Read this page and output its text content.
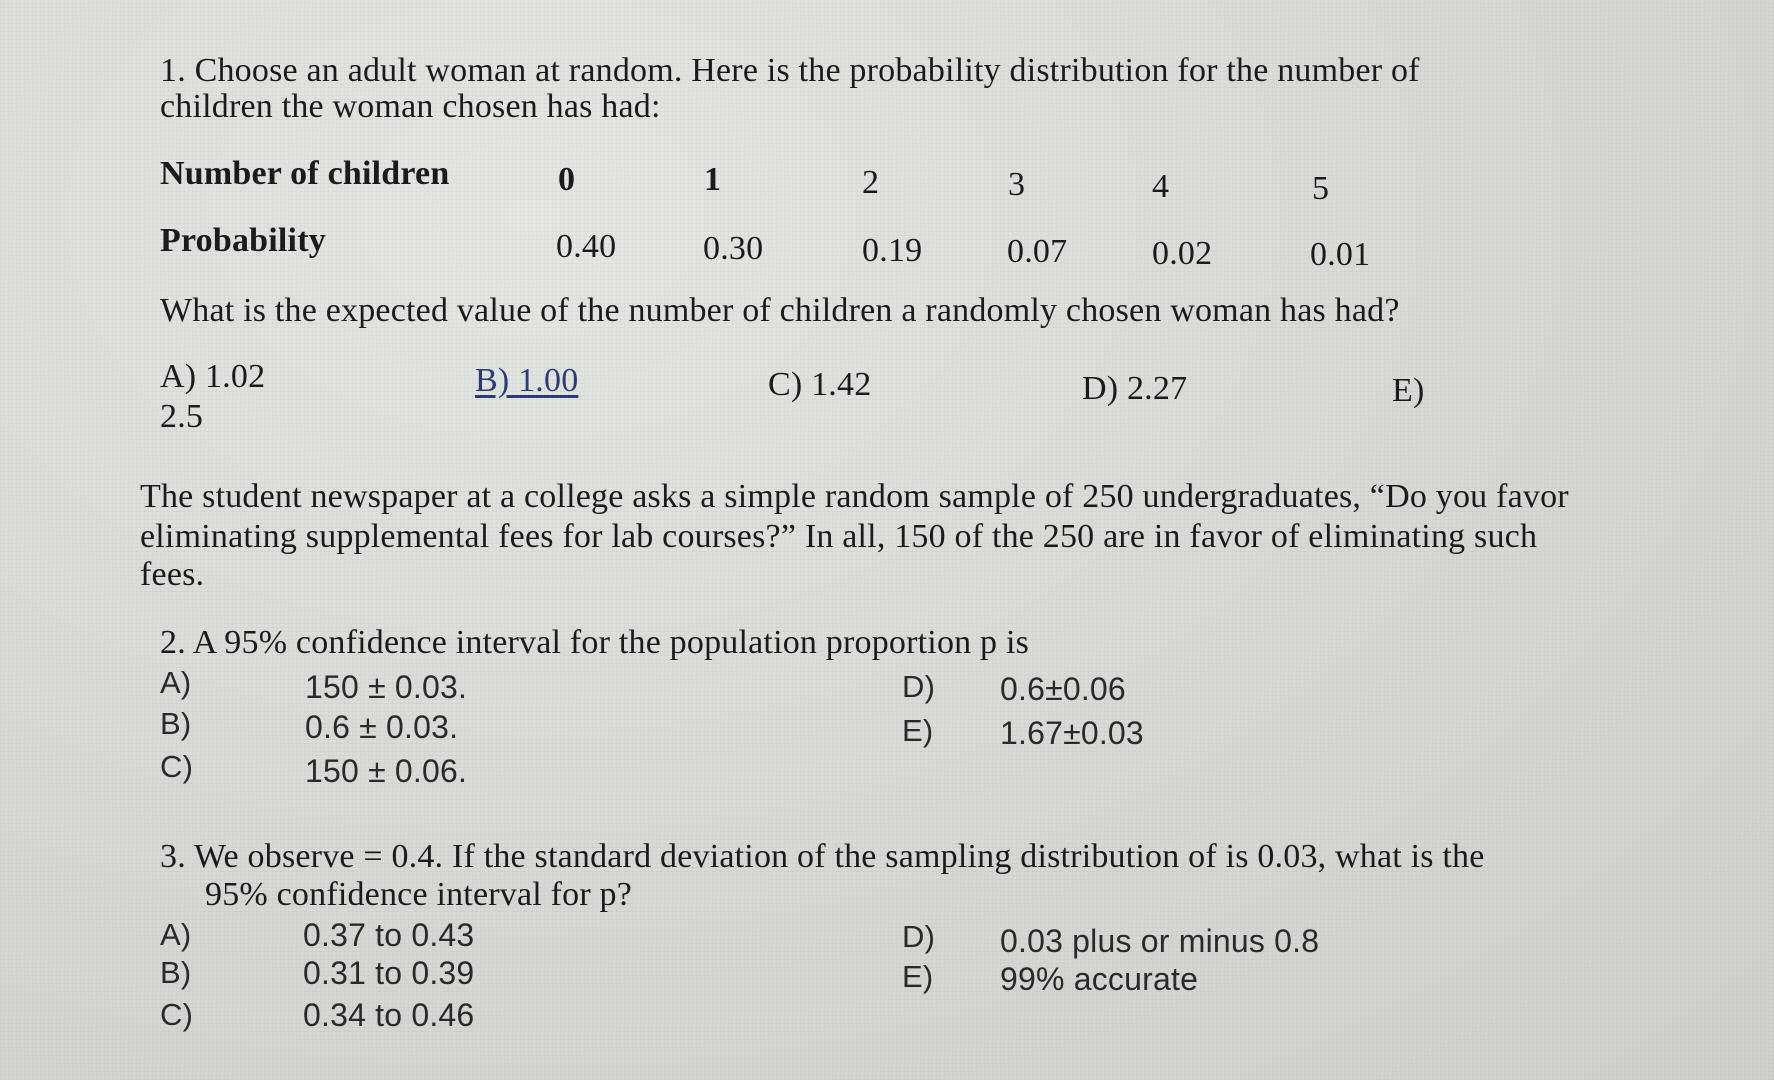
1. Choose an adult woman at random. Here is the probability distribution for the number of
children the woman chosen has had:
Number of children	0	1	2	3	4	5
Probability	0.40	0.30	0.19 0.07 0.02	0.01
What is the expected value of the number of children a randomly chosen woman has had?
A) 1.02	B) 1.00	C) 1.42	D) 2.27	E)
2.5
The student newspaper at a college asks a simple random sample of 250 undergraduates, “Do you favor
eliminating supplemental fees for lab courses?” In all, 150 of the 250 are in favor of eliminating such
fees.
2. A 95% confidence interval for the population proportion p is
A)	150 ± 0.03.
B)	0.6 ± 0.03.
C)	150 ± 0.06.
D) 0.6±0.06
E) 1.67±0.03
3. We observe = 0.4. If the standard deviation of the sampling distribution of is 0.03, what is the
95% confidence interval for p?
A)	0.37 to 0.43
B)	0.31 to 0.39
C)	0.34 to 0.46
D) 0.03 plus or minus 0.8
E) 99% accurate
